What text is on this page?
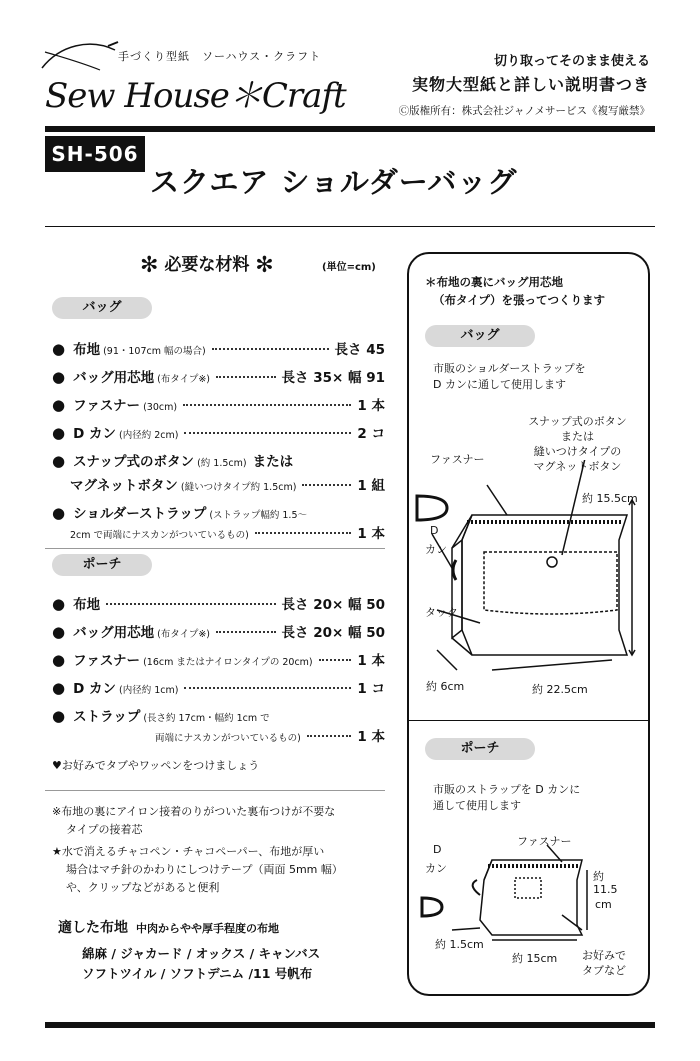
手づくり型紙　ソーハウス・クラフト
Sew House＊Craft
切り取ってそのまま使える
実物大型紙と詳しい説明書つき
Ⓒ版権所有：株式会社ジャノメサービス《複写厳禁》
SH-506
スクエア ショルダーバッグ
✻ 必要な材料 ✻	(単位=cm)
バッグ
● 布地 (91・107cm 幅の場合)	長さ 45
● バッグ用芯地 (布タイプ※)	長さ 35× 幅 91
● ファスナー (30cm)	1 本
● D カン (内径約 2cm)	2 コ
● スナップ式のボタン (約 1.5cm) または
マグネットボタン (縫いつけタイプ約 1.5cm)	1 組
● ショルダーストラップ (ストラップ幅約 1.5～
2cm で両端にナスカンがついているもの)	1 本
ポーチ
● 布地	長さ 20× 幅 50
● バッグ用芯地 (布タイプ※)	長さ 20× 幅 50
● ファスナー (16cm またはナイロンタイプの 20cm)	1 本
● D カン (内径約 1cm)	1 コ
● ストラップ (長さ約 17cm・幅約 1cm で
両端にナスカンがついているもの)	1 本
♥お好みでタブやワッペンをつけましょう
※布地の裏にアイロン接着のりがついた裏布つけが不要な
タイプの接着芯
★水で消えるチャコペン・チャコペーパー、布地が厚い
場合はマチ針のかわりにしつけテープ（両面 5mm 幅）
や、クリップなどがあると便利
適した布地 中肉からやや厚手程度の布地
綿麻 / ジャカード / オックス / キャンバス
ソフトツイル / ソフトデニム /11 号帆布
＊布地の裏にバッグ用芯地
（布タイプ）を張ってつくります
バッグ
市販のショルダーストラップを
D カンに通して使用します
スナップ式のボタン
または
縫いつけタイプの
マグネットボタン
ファスナー
D
カン
タック
約 15.5cm
約 6cm	約 22.5cm
ポーチ
市販のストラップを D カンに
通して使用します
ファスナー
D
カン
約
11.5
cm
約 1.5cm
約 15cm お好みで
タブなど
